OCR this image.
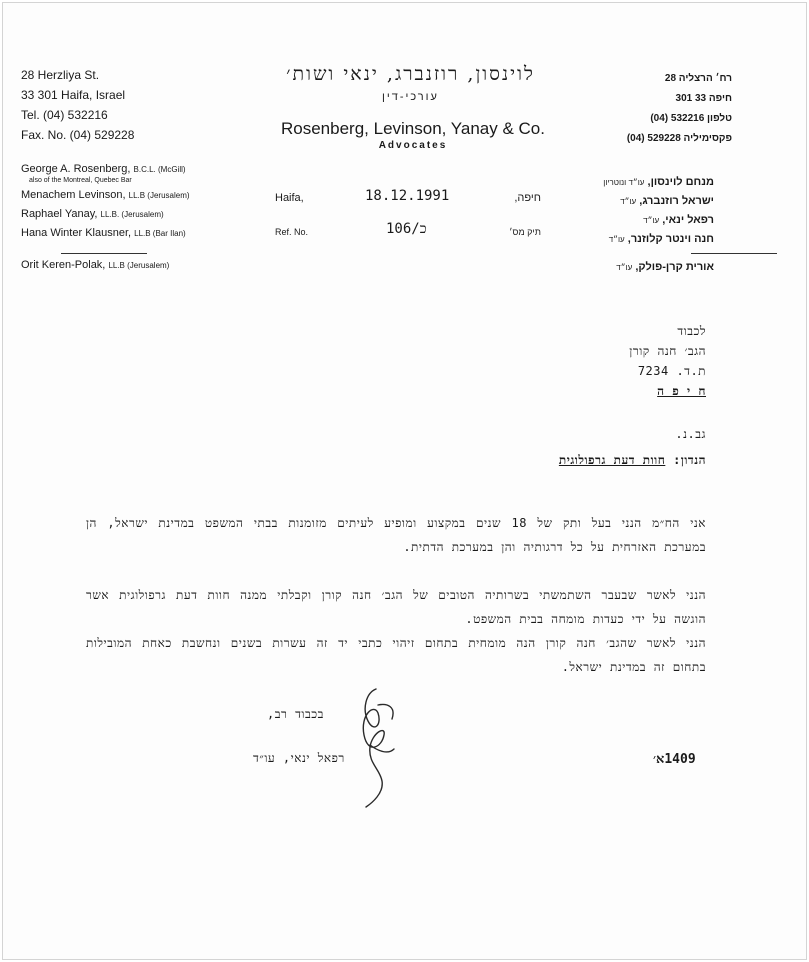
28 Herzliya St.
33 301 Haifa, Israel
Tel. (04) 532216
Fax. No. (04) 529228
לוינסון, רוזנברג, ינאי ושות׳
עורכי-דין
Rosenberg, Levinson, Yanay & Co.
Advocates
רח׳ הרצליה 28
חיפה 33 301
טלפון 532216 (04)
פקסימיליה 529228 (04)
George A. Rosenberg, B.C.L. (McGill)
also of the Montreal, Quebec Bar
Menachem Levinson, LL.B (Jerusalem)
Raphael Yanay, LL.B. (Jerusalem)
Hana Winter Klausner, LL.B (Bar Ilan)
Orit Keren-Polak, LL.B (Jerusalem)
Haifa,	18.12.1991	חיפה,
Ref. No.	106/כ	תיק מס׳
מנחם לוינסון, עו״ד ונוטריון
ישראל רוזנברג, עו״ד
רפאל ינאי, עו״ד
חנה וינטר קלוזנר, עו״ד
אורית קרן-פולק, עו״ד
לכבוד
הגב׳ חנה קורן
ת.ד. 7234
ח י פ ה
גב.נ.
הנדון: חוות דעת גרפולוגית
אני הח״מ הנני בעל ותק של 18 שנים במקצוע ומופיע לעיתים מזומנות בבתי המשפט במדינת ישראל, הן במערכת האזרחית על כל דרגותיה והן במערכת הדתית.
הנני לאשר שבעבר השתמשתי בשרותיה הטובים של הגב׳ חנה קורן וקבלתי ממנה חוות דעת גרפולוגית אשר הוגשה על ידי כעדות מומחה בבית המשפט.
הנני לאשר שהגב׳ חנה קורן הנה מומחית בתחום זיהוי כתבי יד זה עשרות בשנים ונחשבת כאחת המובילות בתחום זה במדינת ישראל.
בכבוד רב,
רפאל ינאי, עו״ד	1409א׳
